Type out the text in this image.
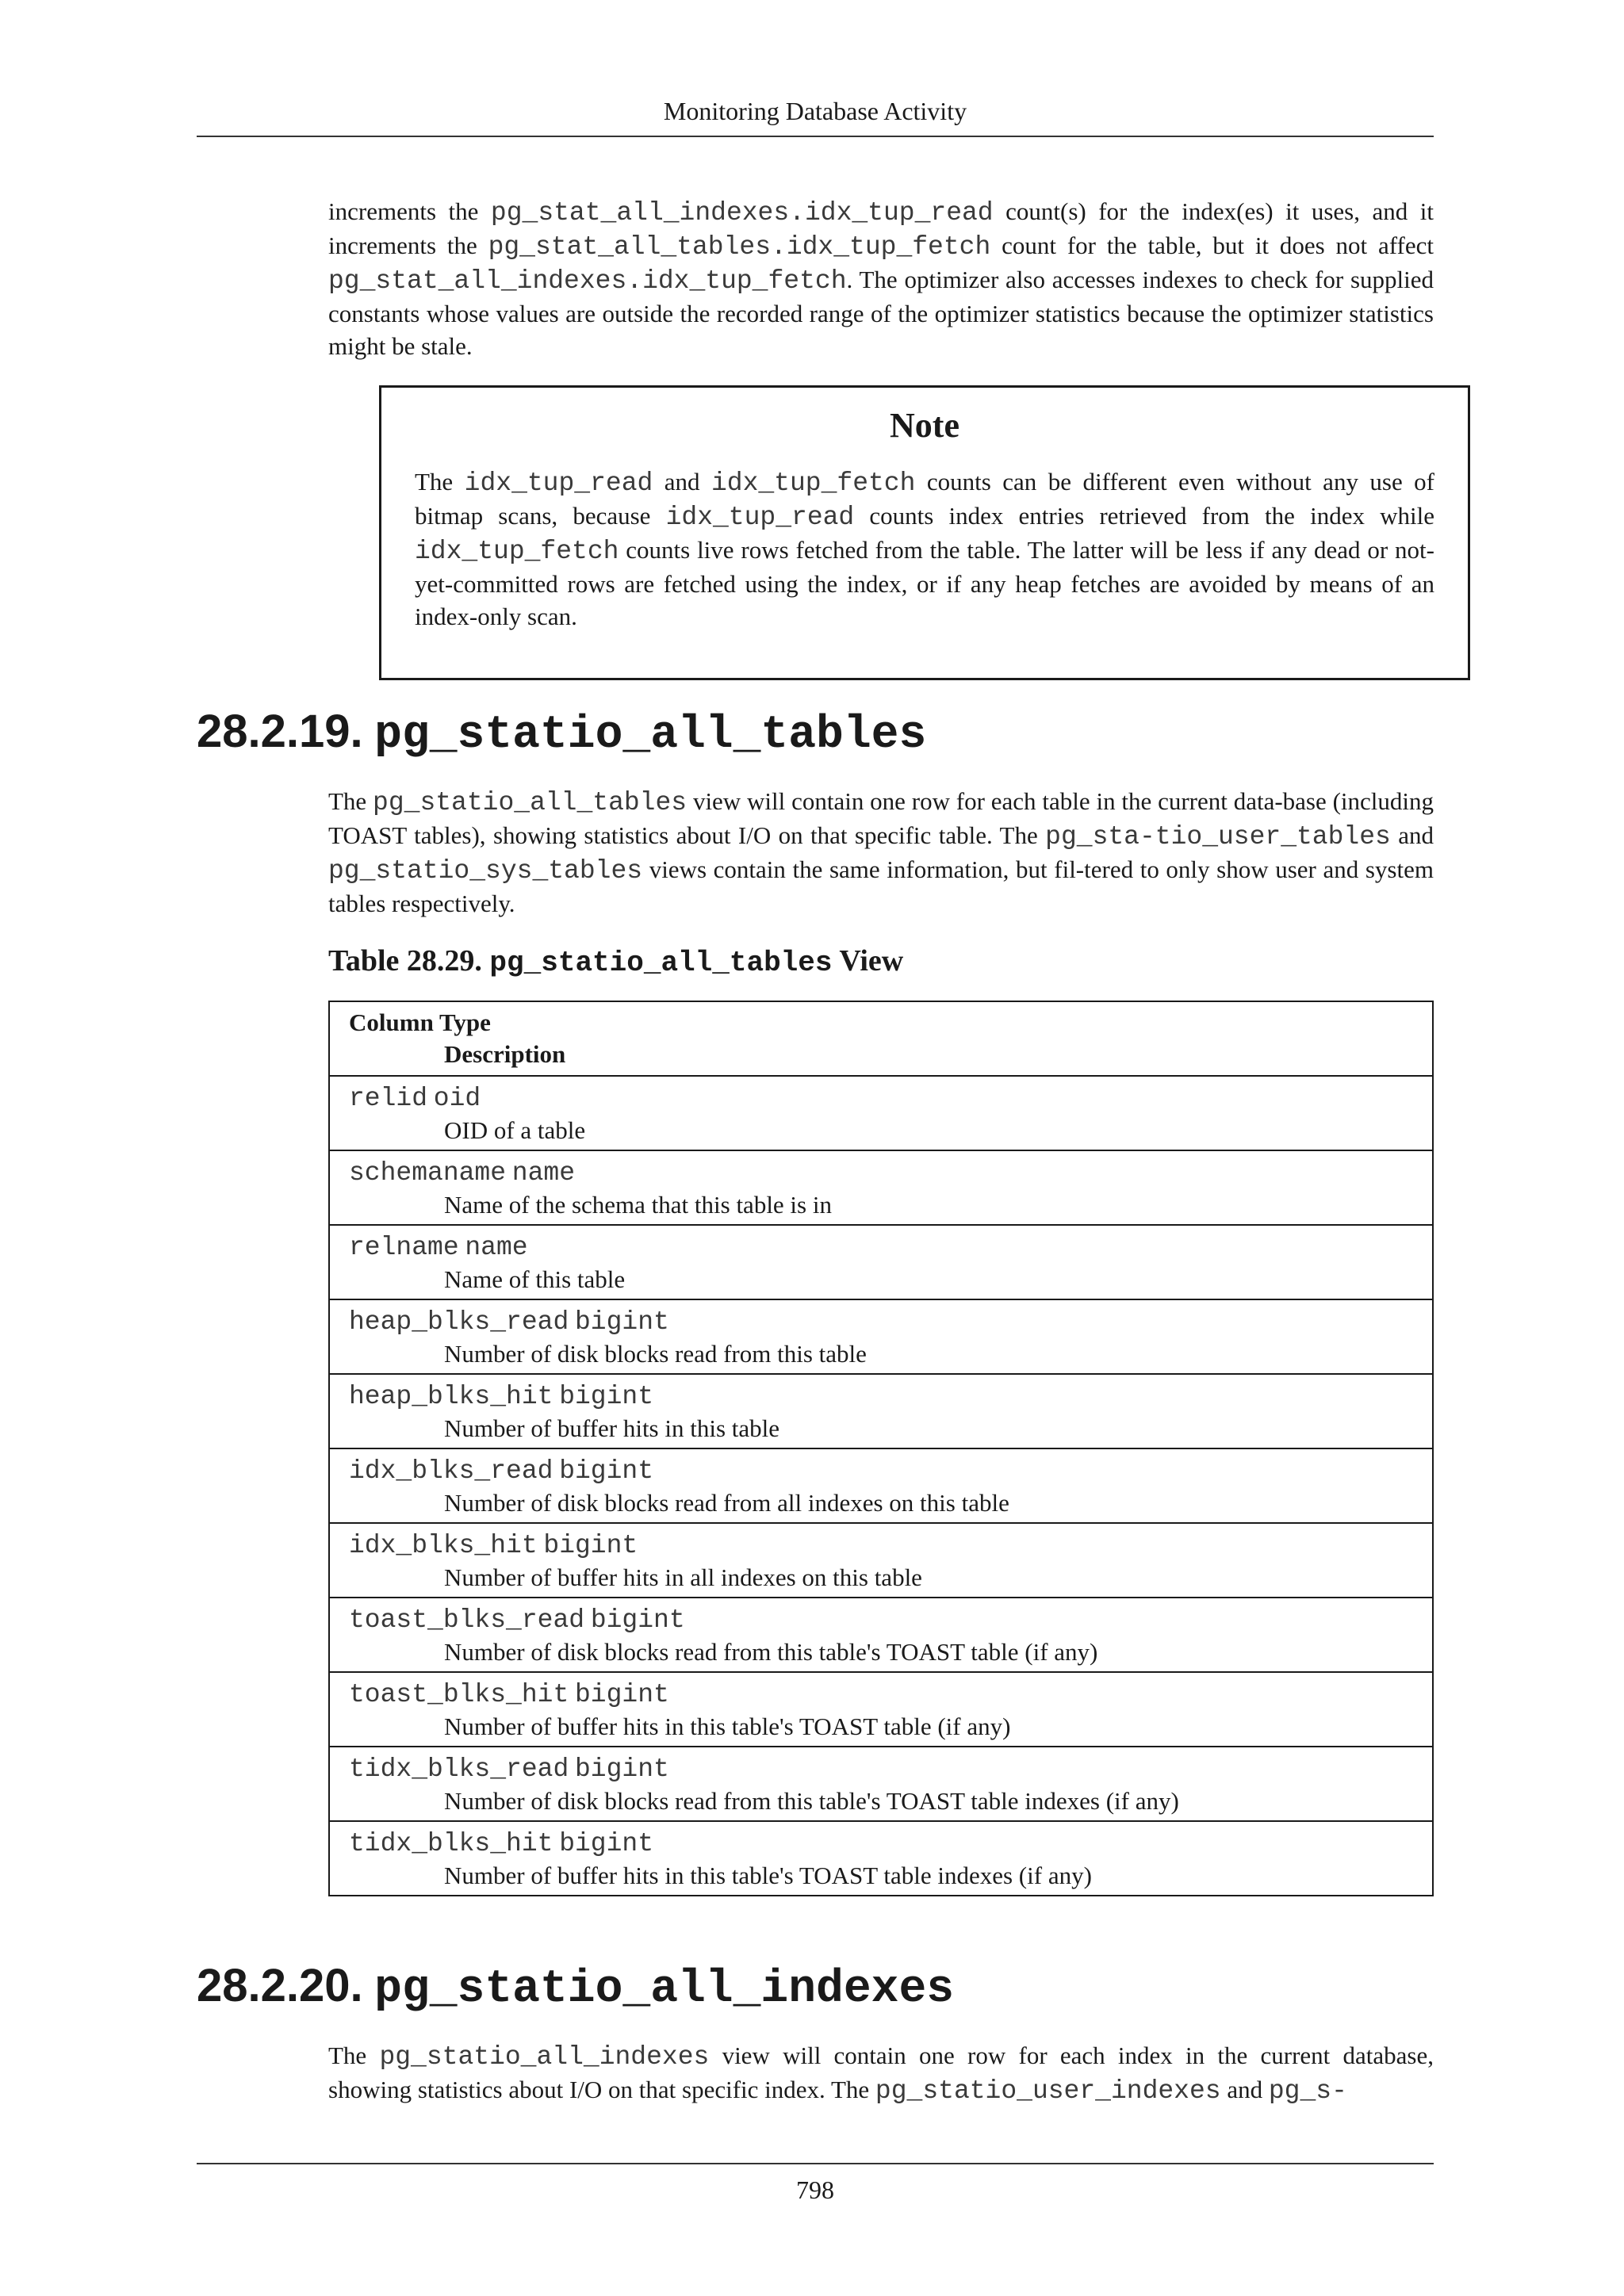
Monitoring Database Activity

increments the pg_stat_all_indexes.idx_tup_read count(s) for the index(es) it uses, and it increments the pg_stat_all_tables.idx_tup_fetch count for the table, but it does not affect pg_stat_all_indexes.idx_tup_fetch. The optimizer also accesses indexes to check for supplied constants whose values are outside the recorded range of the optimizer statistics because the optimizer statistics might be stale.

Note

The idx_tup_read and idx_tup_fetch counts can be different even without any use of bitmap scans, because idx_tup_read counts index entries retrieved from the index while idx_tup_fetch counts live rows fetched from the table. The latter will be less if any dead or not-yet-committed rows are fetched using the index, or if any heap fetches are avoided by means of an index-only scan.

28.2.19. pg_statio_all_tables

The pg_statio_all_tables view will contain one row for each table in the current data-base (including TOAST tables), showing statistics about I/O on that specific table. The pg_sta-tio_user_tables and pg_statio_sys_tables views contain the same information, but fil-tered to only show user and system tables respectively.

Table 28.29. pg_statio_all_tables View
Column Type
Description

relid oid
OID of a table

schemaname name
Name of the schema that this table is in

relname name
Name of this table

heap_blks_read bigint
Number of disk blocks read from this table

heap_blks_hit bigint
Number of buffer hits in this table

idx_blks_read bigint
Number of disk blocks read from all indexes on this table

idx_blks_hit bigint
Number of buffer hits in all indexes on this table

toast_blks_read bigint
Number of disk blocks read from this table's TOAST table (if any)

toast_blks_hit bigint
Number of buffer hits in this table's TOAST table (if any)

tidx_blks_read bigint
Number of disk blocks read from this table's TOAST table indexes (if any)

tidx_blks_hit bigint
Number of buffer hits in this table's TOAST table indexes (if any)
28.2.20. pg_statio_all_indexes

The pg_statio_all_indexes view will contain one row for each index in the current database, showing statistics about I/O on that specific index. The pg_statio_user_indexes and pg_s-

798
